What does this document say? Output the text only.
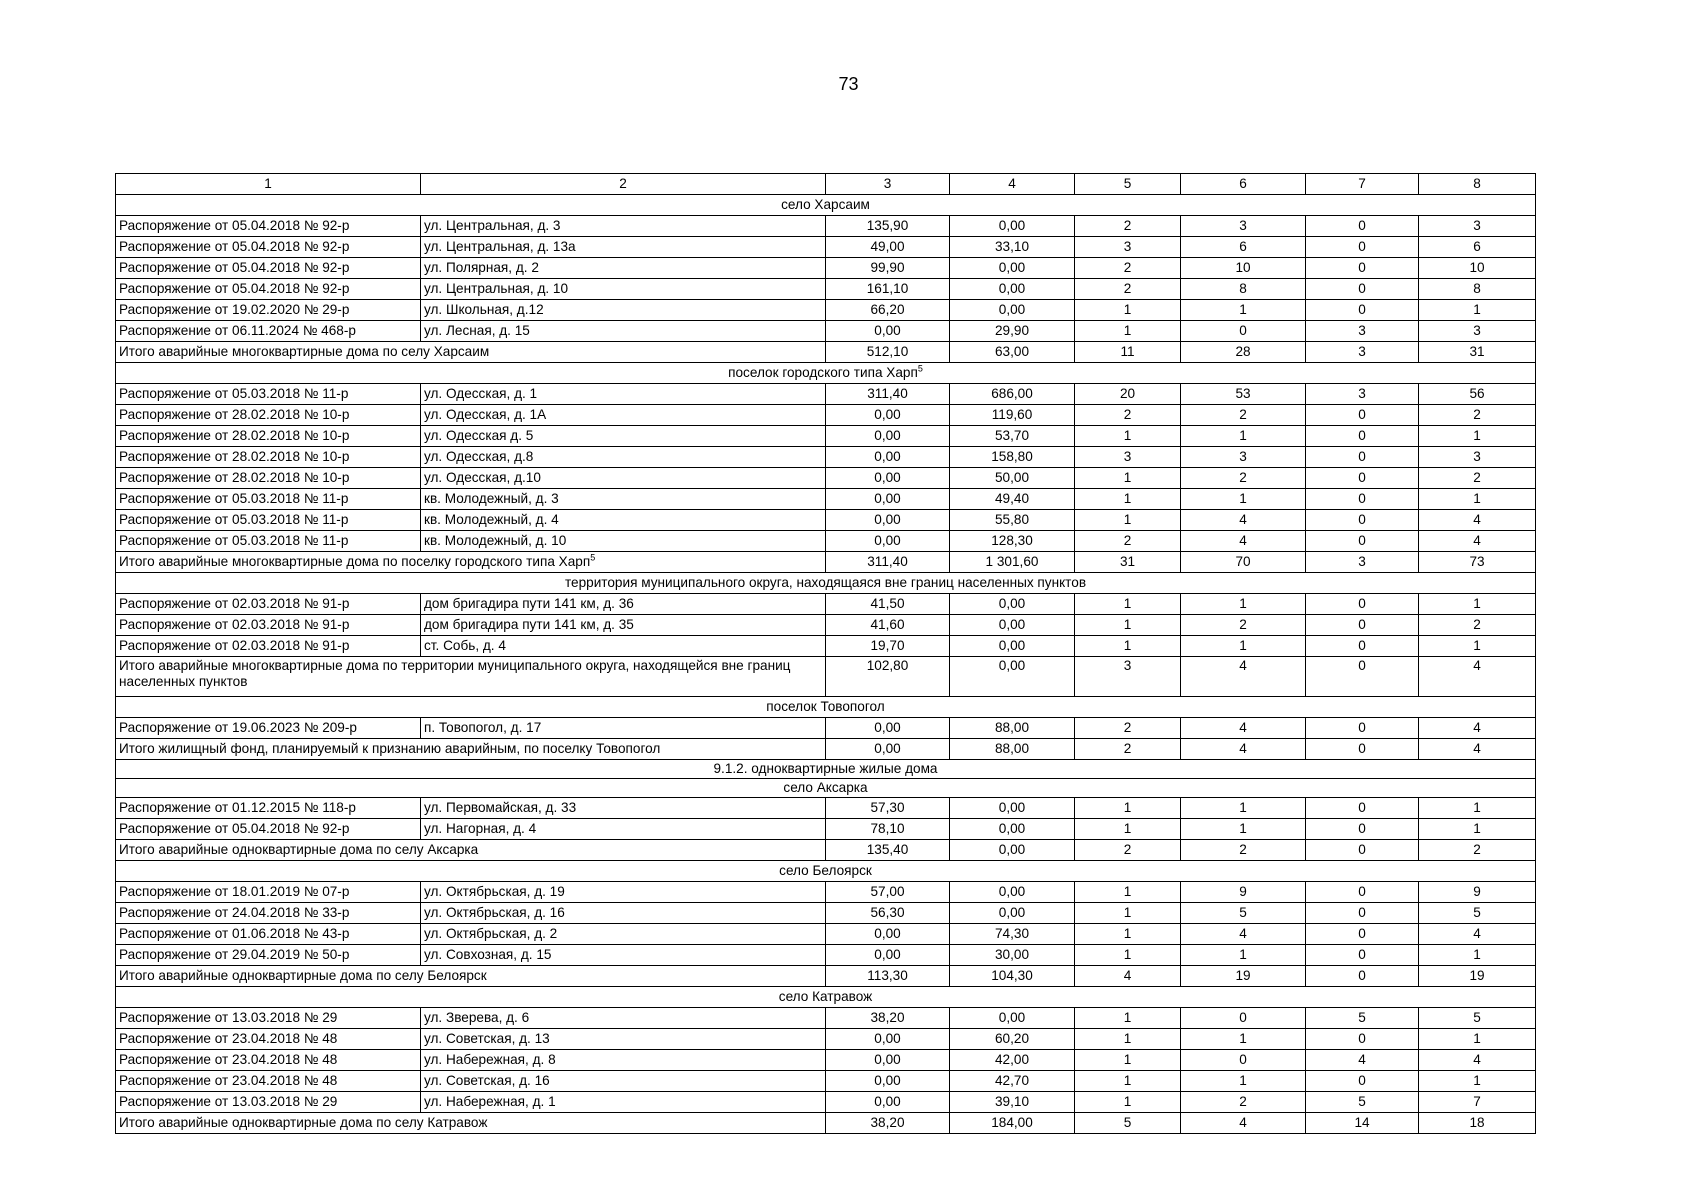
73
1	2	3	4	5	6	7	8
село Харсаим							
Распоряжение от 05.04.2018 № 92-р	ул. Центральная, д. 3	135,90	0,00	2	3	0	3
Распоряжение от 05.04.2018 № 92-р	ул. Центральная, д. 13а	49,00	33,10	3	6	0	6
Распоряжение от 05.04.2018 № 92-р	ул. Полярная, д. 2	99,90	0,00	2	10	0	10
Распоряжение от 05.04.2018 № 92-р	ул. Центральная, д. 10	161,10	0,00	2	8	0	8
Распоряжение от 19.02.2020 № 29-р	ул. Школьная, д.12	66,20	0,00	1	1	0	1
Распоряжение от 06.11.2024 № 468-р	ул. Лесная, д. 15	0,00	29,90	1	0	3	3
Итого аварийные многоквартирные дома по селу Харсаим		512,10	63,00	11	28	3	31
поселок городского типа Харп$^5$
Распоряжение от 05.03.2018 № 11-р	ул. Одесская, д. 1	311,40	686,00	20	53	3	56
Распоряжение от 28.02.2018 № 10-р	ул. Одесская, д. 1А	0,00	119,60	2	2	0	2
Распоряжение от 28.02.2018 № 10-р	ул. Одесская д. 5	0,00	53,70	1	1	0	1
Распоряжение от 28.02.2018 № 10-р	ул. Одесская, д.8	0,00	158,80	3	3	0	3
Распоряжение от 28.02.2018 № 10-р	ул. Одесская, д.10	0,00	50,00	1	2	0	2
Распоряжение от 05.03.2018 № 11-р	кв. Молодежный, д. 3	0,00	49,40	1	1	0	1
Распоряжение от 05.03.2018 № 11-р	кв. Молодежный, д. 4	0,00	55,80	1	4	0	4
Распоряжение от 05.03.2018 № 11-р	кв. Молодежный, д. 10	0,00	128,30	2	4	0	4
Итого аварийные многоквартирные дома по поселку городского типа Харп$^5$		311,40	1 301,60	31	70	3	73
территория муниципального округа, находящаяся вне границ населенных пунктов							
Распоряжение от 02.03.2018 № 91-р	дом бригадира пути 141 км, д. 36	41,50	0,00	1	1	0	1
Распоряжение от 02.03.2018 № 91-р	дом бригадира пути 141 км, д. 35	41,60	0,00	1	2	0	2
Распоряжение от 02.03.2018 № 91-р	ст. Собь, д. 4	19,70	0,00	1	1	0	1
Итого аварийные многоквартирные дома по территории муниципального округа, находящейся вне границ населенных пунктов		102,80	0,00	3	4	0	4
поселок Товопогол							
Распоряжение от 19.06.2023 № 209-р	п. Товопогол, д. 17	0,00	88,00	2	4	0	4
Итого жилищный фонд, планируемый к признанию аварийным, по поселку Товопогол		0,00	88,00	2	4	0	4
9.1.2. одноквартирные жилые дома							
село Аксарка							
Распоряжение от 01.12.2015 № 118-р	ул. Первомайская, д. 33	57,30	0,00	1	1	0	1
Распоряжение от 05.04.2018 № 92-р	ул. Нагорная, д. 4	78,10	0,00	1	1	0	1
Итого аварийные одноквартирные дома по селу Аксарка		135,40	0,00	2	2	0	2
село Белоярск							
Распоряжение от 18.01.2019 № 07-р	ул. Октябрьская, д. 19	57,00	0,00	1	9	0	9
Распоряжение от 24.04.2018 № 33-р	ул. Октябрьская, д. 16	56,30	0,00	1	5	0	5
Распоряжение от 01.06.2018 № 43-р	ул. Октябрьская, д. 2	0,00	74,30	1	4	0	4
Распоряжение от 29.04.2019 № 50-р	ул. Совхозная, д. 15	0,00	30,00	1	1	0	1
Итого аварийные одноквартирные дома по селу Белоярск		113,30	104,30	4	19	0	19
село Катравож							
Распоряжение от 13.03.2018 № 29	ул. Зверева, д. 6	38,20	0,00	1	0	5	5
Распоряжение от 23.04.2018 № 48	ул. Советская, д. 13	0,00	60,20	1	1	0	1
Распоряжение от 23.04.2018 № 48	ул. Набережная, д. 8	0,00	42,00	1	0	4	4
Распоряжение от 23.04.2018 № 48	ул. Советская, д. 16	0,00	42,70	1	1	0	1
Распоряжение от 13.03.2018 № 29	ул. Набережная, д. 1	0,00	39,10	1	2	5	7
Итого аварийные одноквартирные дома по селу Катравож		38,20	184,00	5	4	14	18
